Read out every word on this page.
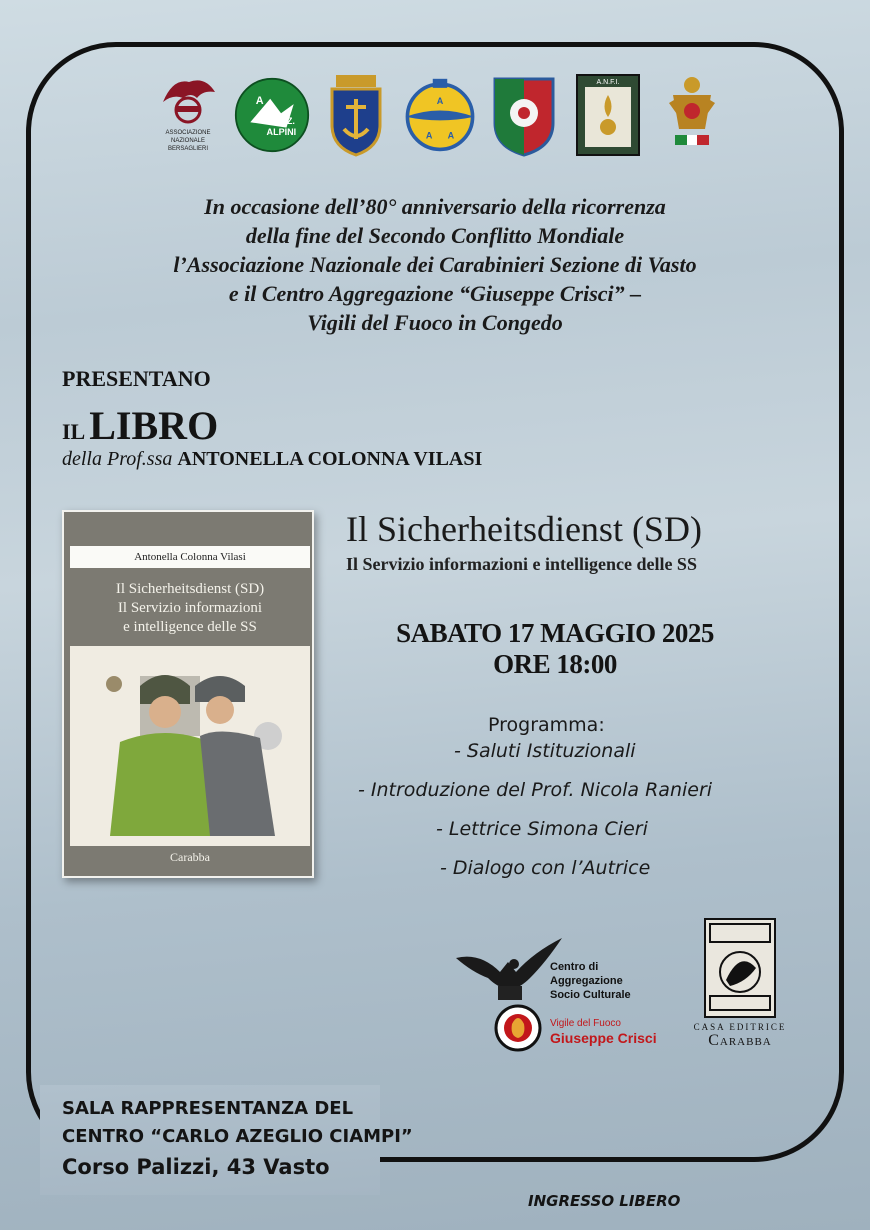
ASSOCIAZIONE
NAZIONALE
BERSAGLIERI
A
NAZ.
ALPINI
A
A A
A.N.F.I.
In occasione dell’80° anniversario della ricorrenza
della fine del Secondo Conflitto Mondiale
l’Associazione Nazionale dei Carabinieri Sezione di Vasto
e il Centro Aggregazione “Giuseppe Crisci” –
Vigili del Fuoco in Congedo
PRESENTANO
IL LIBRO
della Prof.ssa ANTONELLA COLONNA VILASI
Antonella Colonna Vilasi
Il Sicherheitsdienst (SD)
Il Servizio informazioni
e intelligence delle SS
Carabba
Il Sicherheitsdienst (SD)
Il Servizio informazioni e intelligence delle SS
SABATO 17 MAGGIO 2025
ORE 18:00
Programma:
- Saluti Istituzionali
- Introduzione del Prof. Nicola Ranieri
- Lettrice Simona Cieri
- Dialogo con l’Autrice
Centro di
Aggregazione
Socio Culturale
Vigile del Fuoco
Giuseppe Crisci
CASA EDITRICE
Carabba
SALA RAPPRESENTANZA DEL
CENTRO “CARLO AZEGLIO CIAMPI”
Corso Palizzi, 43 Vasto
INGRESSO LIBERO
